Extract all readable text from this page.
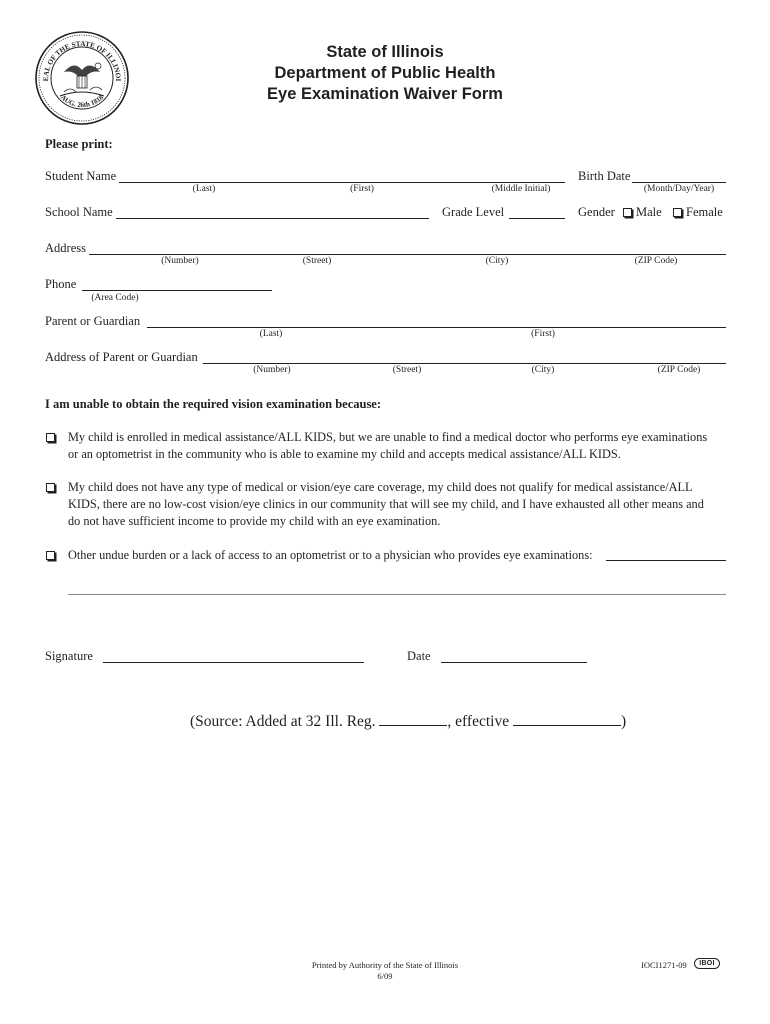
EAL OF THE STATE OF ILLINOI
AUG. 26th 1818
State of Illinois
Department of Public Health
Eye Examination Waiver Form
Please print:
Student Name
(Last)	(First)	(Middle Initial)
Birth Date
(Month/Day/Year)
School Name	Grade Level	Gender Male Female
Address
(Number)	(Street)	(City)	(ZIP Code)
Phone
(Area Code)
Parent or Guardian
(Last)	(First)
Address of Parent or Guardian
(Number)	(Street)	(City)	(ZIP Code)
I am unable to obtain the required vision examination because:
My child is enrolled in medical assistance/ALL KIDS, but we are unable to find a medical doctor who performs eye examinations
or an optometrist in the community who is able to examine my child and accepts medical assistance/ALL KIDS.
My child does not have any type of medical or vision/eye care coverage, my child does not qualify for medical assistance/ALL
KIDS, there are no low-cost vision/eye clinics in our community that will see my child, and I have exhausted all other means and
do not have sufficient income to provide my child with an eye examination.
Other undue burden or a lack of access to an optometrist or to a physician who provides eye examinations:
Signature	Date
(Source: Added at 32 Ill. Reg.	, effective	)
Printed by Authority of the State of Illinois
6/09
IOCI1271-09	IBOI
